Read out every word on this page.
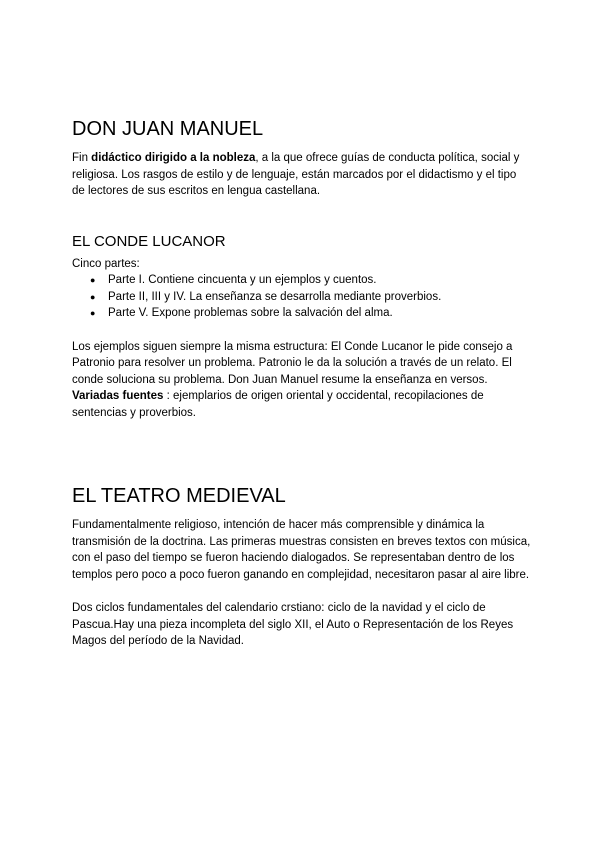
DON JUAN MANUEL

Fin didáctico dirigido a la nobleza, a la que ofrece guías de conducta política, social y religiosa. Los rasgos de estilo y de lenguaje, están marcados por el didactismo y el tipo de lectores de sus escritos en lengua castellana.

EL CONDE LUCANOR

Cinco partes:

● Parte I. Contiene cincuenta y un ejemplos y cuentos.
● Parte II, III y IV. La enseñanza se desarrolla mediante proverbios.
● Parte V. Expone problemas sobre la salvación del alma.

Los ejemplos siguen siempre la misma estructura: El Conde Lucanor le pide consejo a Patronio para resolver un problema. Patronio le da la solución a través de un relato. El conde soluciona su problema. Don Juan Manuel resume la enseñanza en versos. Variadas fuentes : ejemplarios de origen oriental y occidental, recopilaciones de sentencias y proverbios.

EL TEATRO MEDIEVAL

Fundamentalmente religioso, intención de hacer más comprensible y dinámica la transmisión de la doctrina. Las primeras muestras consisten en breves textos con música, con el paso del tiempo se fueron haciendo dialogados. Se representaban dentro de los templos pero poco a poco fueron ganando en complejidad, necesitaron pasar al aire libre.

Dos ciclos fundamentales del calendario crstiano: ciclo de la navidad y el ciclo de Pascua.Hay una pieza incompleta del siglo XII, el Auto o Representación de los Reyes Magos del período de la Navidad.
